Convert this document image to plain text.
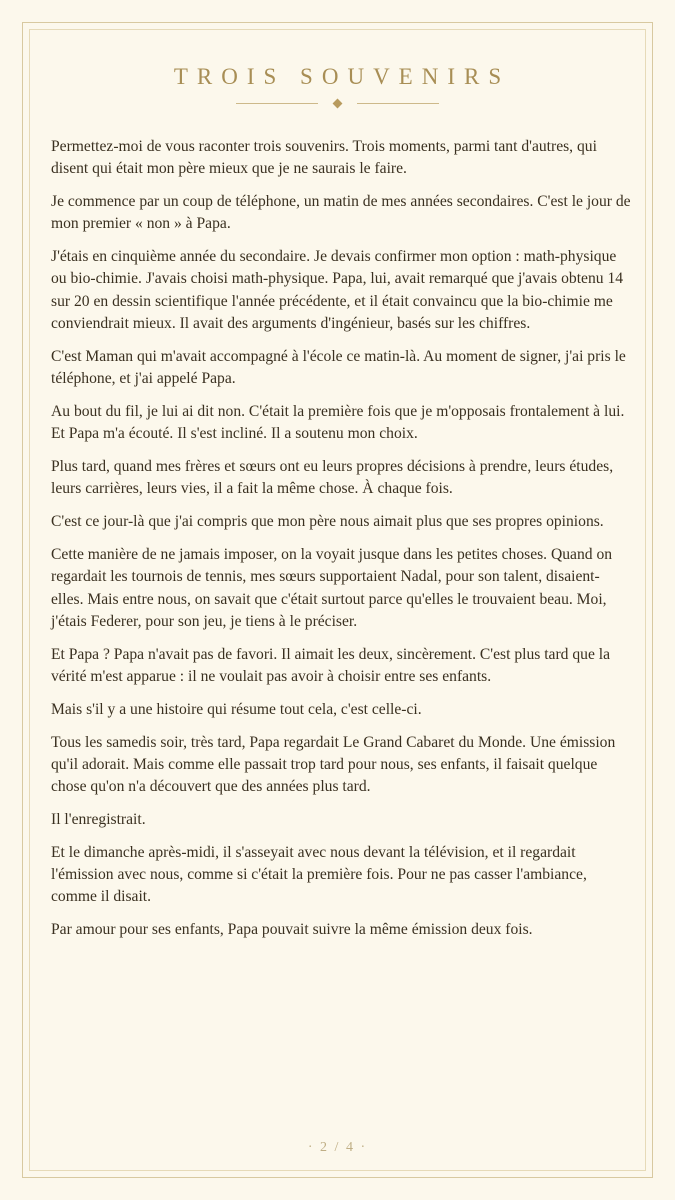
TROIS SOUVENIRS

Permettez-moi de vous raconter trois souvenirs. Trois moments, parmi tant d'autres, qui disent qui était mon père mieux que je ne saurais le faire.

Je commence par un coup de téléphone, un matin de mes années secondaires. C'est le jour de mon premier « non » à Papa.

J'étais en cinquième année du secondaire. Je devais confirmer mon option : math-physique ou bio-chimie. J'avais choisi math-physique. Papa, lui, avait remarqué que j'avais obtenu 14 sur 20 en dessin scientifique l'année précédente, et il était convaincu que la bio-chimie me conviendrait mieux. Il avait des arguments d'ingénieur, basés sur les chiffres.

C'est Maman qui m'avait accompagné à l'école ce matin-là. Au moment de signer, j'ai pris le téléphone, et j'ai appelé Papa.

Au bout du fil, je lui ai dit non. C'était la première fois que je m'opposais frontalement à lui. Et Papa m'a écouté. Il s'est incliné. Il a soutenu mon choix.

Plus tard, quand mes frères et sœurs ont eu leurs propres décisions à prendre, leurs études, leurs carrières, leurs vies, il a fait la même chose. À chaque fois.

C'est ce jour-là que j'ai compris que mon père nous aimait plus que ses propres opinions.

Cette manière de ne jamais imposer, on la voyait jusque dans les petites choses. Quand on regardait les tournois de tennis, mes sœurs supportaient Nadal, pour son talent, disaient-elles. Mais entre nous, on savait que c'était surtout parce qu'elles le trouvaient beau. Moi, j'étais Federer, pour son jeu, je tiens à le préciser.

Et Papa ? Papa n'avait pas de favori. Il aimait les deux, sincèrement. C'est plus tard que la vérité m'est apparue : il ne voulait pas avoir à choisir entre ses enfants.

Mais s'il y a une histoire qui résume tout cela, c'est celle-ci.

Tous les samedis soir, très tard, Papa regardait Le Grand Cabaret du Monde. Une émission qu'il adorait. Mais comme elle passait trop tard pour nous, ses enfants, il faisait quelque chose qu'on n'a découvert que des années plus tard.

Il l'enregistrait.

Et le dimanche après-midi, il s'asseyait avec nous devant la télévision, et il regardait l'émission avec nous, comme si c'était la première fois. Pour ne pas casser l'ambiance, comme il disait.

Par amour pour ses enfants, Papa pouvait suivre la même émission deux fois.

· 2 / 4 ·
